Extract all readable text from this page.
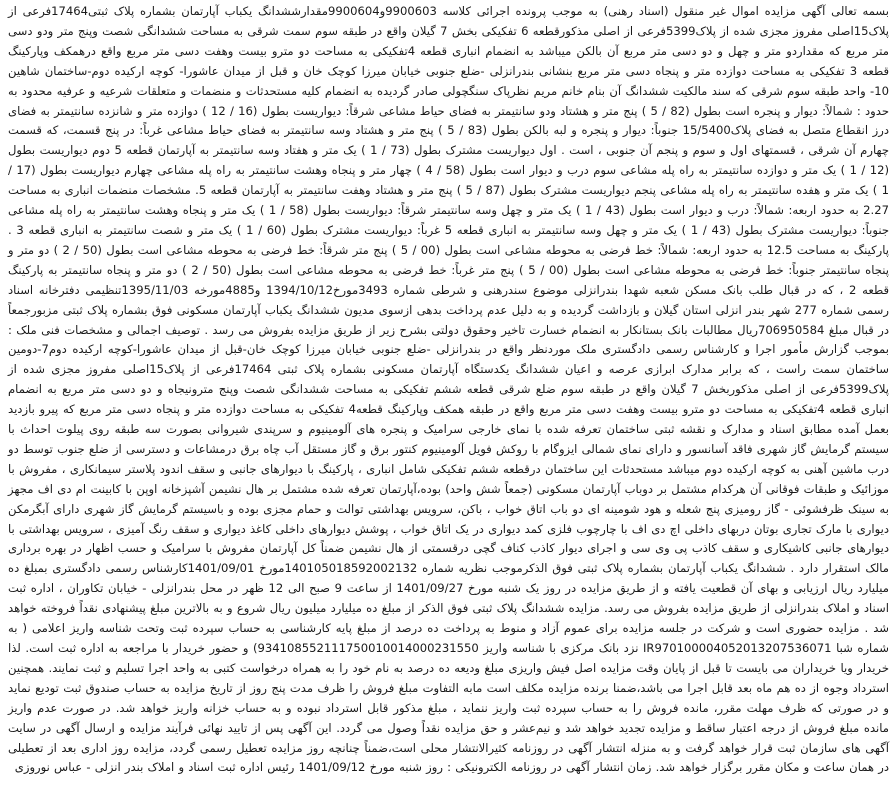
بسمه تعالی آگهی مزایده اموال غیر منقول (اسناد رهنی) به موجب پرونده اجرائی کلاسه 9900603و9900604مقدارششدانگ یکباب آپارتمان بشماره پلاک ثبتی17464فرعی از پلاک15اصلی مفروز مجزی شده از پلاک5399فرعی از اصلی مذکورقطعه 6 تفکیکی بخش 7 گیلان واقع در طبقه سوم سمت شرقی به مساحت ششدانگی شصت وپنج متر ودو دسی متر مربع که مقداردو متر و چهل و دو دسی متر مربع آن بالکن میباشد به انضمام انباری قطعه 4تفکیکی به مساحت دو مترو بیست وهفت دسی متر مربع واقع درهمکف وپارکینگ قطعه 3 تفکیکی به مساحت دوازده متر و پنجاه دسی متر مربع بنشانی بندرانزلی -ضلع جنوبی خیابان میرزا کوچک خان و قبل از میدان عاشورا- کوچه ارکیده دوم-ساختمان شاهین 10- واحد طبقه سوم شرقی که سند مالکیت ششدانگ آن بنام خانم مریم نظرپاک سنگچولی صادر گردیده به انضمام کلیه مستحدثات و منضمات و متعلقات شرعیه و عرفیه محدود به حدود : شمالاً: دیوار و پنجره است بطول (82 / 5 ) پنج متر و هشتاد ودو سانتیمتر به فضای حیاط مشاعی شرقاً: دیواریست بطول (16 / 12 ) دوازده متر و شانزده سانتیمتر به فضای درز انقطاع متصل به فضای پلاک15/5400 جنوباً: دیوار و پنجره و لبه بالکن بطول (83 / 5 ) پنج متر و هشتاد وسه سانتیمتر به فضای حیاط مشاعی غرباً: در پنج قسمت، که قسمت چهارم آن شرقی ، قسمتهای اول و سوم و پنجم آن جنوبی ، است . اول دیواریست مشترک بطول (73 / 1 ) یک متر و هفتاد وسه سانتیمتر به آپارتمان قطعه 5 دوم دیواریست بطول (12 / 1 ) یک متر و دوازده سانتیمتر به راه پله مشاعی سوم درب و دیوار است بطول (58 / 4 ) چهار متر و پنجاه وهشت سانتیمتر به راه پله مشاعی چهارم دیواریست بطول (17 / 1 ) یک متر و هفده سانتیمتر به راه پله مشاعی پنجم دیواریست مشترک بطول (87 / 5 ) پنج متر و هشتاد وهفت سانتیمتر به آپارتمان قطعه 5. مشخصات منضمات انباری به مساحت 2.27 به حدود اربعه: شمالاً: درب و دیوار است بطول (43 / 1 ) یک متر و چهل وسه سانتیمتر شرقاً: دیواریست بطول (58 / 1 ) یک متر و پنجاه وهشت سانتیمتر به راه پله مشاعی جنوباً: دیواریست مشترک بطول (43 / 1 ) یک متر و چهل وسه سانتیمتر به انباری قطعه 5 غرباً: دیواریست مشترک بطول (60 / 1 ) یک متر و شصت سانتیمتر به انباری قطعه 3 . پارکینگ به مساحت 12.5 به حدود اربعه: شمالاً: خط فرضی به محوطه مشاعی است بطول (00 / 5 ) پنج متر شرقاً: خط فرضی به محوطه مشاعی است بطول (50 / 2 ) دو متر و پنجاه سانتیمتر جنوباً: خط فرضی به محوطه مشاعی است بطول (00 / 5 ) پنج متر غرباً: خط فرضی به محوطه مشاعی است بطول (50 / 2 ) دو متر و پنجاه سانتیمتر به پارکینگ قطعه 2 ، که در قبال طلب بانک مسکن شعبه شهدا بندرانزلی موضوع سندرهنی و شرطی شماره 3493مورخ1394/10/12 و4885مورخه 1395/11/03تنظیمی دفترخانه اسناد رسمی شماره 277 شهر بندر انزلی استان گیلان و بازداشت گردیده و به دلیل عدم پرداخت بدهی ازسوی مدیون ششدانگ یکباب آپارتمان مسکونی فوق بشماره پلاک ثبتی مزبورجمعاً در قبال مبلغ 706950584ریال مطالبات بانک بستانکار به انضمام خسارت تاخیر وحقوق دولتی بشرح زیر از طریق مزایده بفروش می رسد . توصیف اجمالی و مشخصات فنی ملک : بموجب گزارش مأمور اجرا و کارشناس رسمی دادگستری ملک موردنظر واقع در بندرانزلی -ضلع جنوبی خیابان میرزا کوچک خان-قبل از میدان عاشورا-کوچه ارکیده دوم7-دومین ساختمان سمت راست ، که برابر مدارک ابرازی عرصه و اعیان ششدانگ یکدستگاه آپارتمان مسکونی بشماره پلاک ثبتی 17464فرعی از پلاک15اصلی مفروز مجزی شده از پلاک5399فرعی از اصلی مذکوربخش 7 گیلان واقع در طبقه سوم ضلع شرقی قطعه ششم تفکیکی به مساحت ششدانگی شصت وپنج مترونیجاه و دو دسی متر مربع به انضمام انباری قطعه 4تفکیکی به مساحت دو مترو بیست وهفت دسی متر مربع واقع در طبقه همکف وپارکینگ قطعه4 تفکیکی به مساحت دوازده متر و پنجاه دسی متر مربع که پیرو بازدید بعمل آمده مطابق اسناد و مدارک و نقشه ثبتی ساختمان تعرفه شده با نمای خارجی سرامیک و پنجره های آلومینیوم و سرپندی شیروانی بصورت سه طبقه روی پیلوت احداث با سیستم گرمایش گاز شهری فاقد آسانسور و دارای نمای شمالی ایزوگام با روکش فویل آلومینیوم کنتور برق و گاز مستقل آب چاه برق درمشاعات و دسترسی از ضلع جنوب توسط دو درب ماشین آهنی به کوچه ارکیده دوم میباشد مستحدثات این ساختمان درقطعه ششم تفکیکی شامل انباری ، پارکینگ با دیوارهای جانبی و سقف اندود پلاستر سیمانکاری ، مفروش با موزائیک و طبقات فوقانی آن هرکدام مشتمل بر دوباب آپارتمان مسکونی (جمعاً شش واحد) بوده،آپارتمان تعرفه شده مشتمل بر هال نشیمن آشپزخانه اوپن با کابینت ام دی اف مجهز به سینک ظرفشوئی - گاز رومیزی پنج شعله و هود شومینه ای دو باب اتاق خواب ، باکن، سرویس بهداشتی توالت و حمام مجزی بوده و باسیستم گرمایش گاز شهری دارای آبگرمکن دیواری با مارک تجاری بوتان دربهای داخلی اچ دی اف با چارچوب فلزی کمد دیواری در یک اتاق خواب ، پوشش دیوارهای داخلی کاغذ دیواری و سقف رنگ آمیزی ، سرویس بهداشتی با دیوارهای جانبی کاشیکاری و سقف کاذب پی وی سی و اجرای دیوار کاذب کناف گچی درقسمتی از هال نشیمن ضمناً کل آپارتمان مفروش با سرامیک و حسب اظهار در بهره برداری مالک استقرار دارد . ششدانگ یکباب آپارتمان بشماره پلاک ثبتی فوق الذکرموجب نظریه شماره 140105018592002132مورخ 1401/09/01کارشناس رسمی دادگستری بمبلغ ده میلیارد ریال ارزیابی و بهای آن قطعیت یافته و از طریق مزایده در روز یک شنبه مورخ 1401/09/27 از ساعت 9 صبح الی 12 ظهر در محل بندرانزلی - خیابان تکاوران ، اداره ثبت اسناد و املاک بندرانزلی از طریق مزایده بفروش می رسد. مزایده ششدانگ پلاک ثبتی فوق الذکر از مبلغ ده میلیارد میلیون ریال شروع و به بالاترین مبلغ پیشنهادی نقداً فروخته خواهد شد . مزایده حضوری است و شرکت در جلسه مزایده برای عموم آزاد و منوط به پرداخت ده درصد از مبلغ پایه کارشناسی به حساب سپرده ثبت وتحت شناسه واریز اعلامی ( به شماره شبا IR970100004052013207536071 نزد بانک مرکزی با شناسه واریز 934108552111750010014000231550) و حضور خریدار با مراجعه به اداره ثبت است. لذا خریدار ویا خریداران می بایست تا قبل از پایان وقت مزایده اصل فیش واریزی مبلغ ودیعه ده درصد به نام خود را به همراه درخواست کتبی به واحد اجرا تسلیم و ثبت نمایند. همچنین استرداد وجوه از ده هم ماه بعد قابل اجرا می باشد،ضمنا برنده مزایده مکلف است مابه التفاوت مبلغ فروش را ظرف مدت پنج روز از تاریخ مزایده به حساب صندوق ثبت تودیع نماید و در صورتی که ظرف مهلت مقرر، مانده فروش را به حساب سپرده ثبت واریز ننماید ، مبلغ مذکور قابل استرداد نبوده و به حساب خزانه واریز خواهد شد. در صورت عدم واریز مانده مبلغ فروش از درجه اعتبار ساقط و مزایده تجدید خواهد شد و نیم‌عشر و حق مزایده نقداً وصول می گردد. این آگهی پس از تایید نهائی فرآیند مزایده و ارسال آگهی در سایت آگهی های سازمان ثبت قرار خواهد گرفت و به منزله انتشار آگهی در روزنامه کثیرالانتشار محلی است،ضمناً چنانچه روز مزایده تعطیل رسمی گردد، مزایده روز اداری بعد از تعطیلی در همان ساعت و مکان مقرر برگزار خواهد شد. زمان انتشار آگهی در روزنامه الکترونیکی : روز شنبه مورخ 1401/09/12 رئیس اداره ثبت اسناد و املاک بندر انزلی - عباس نوروزی
